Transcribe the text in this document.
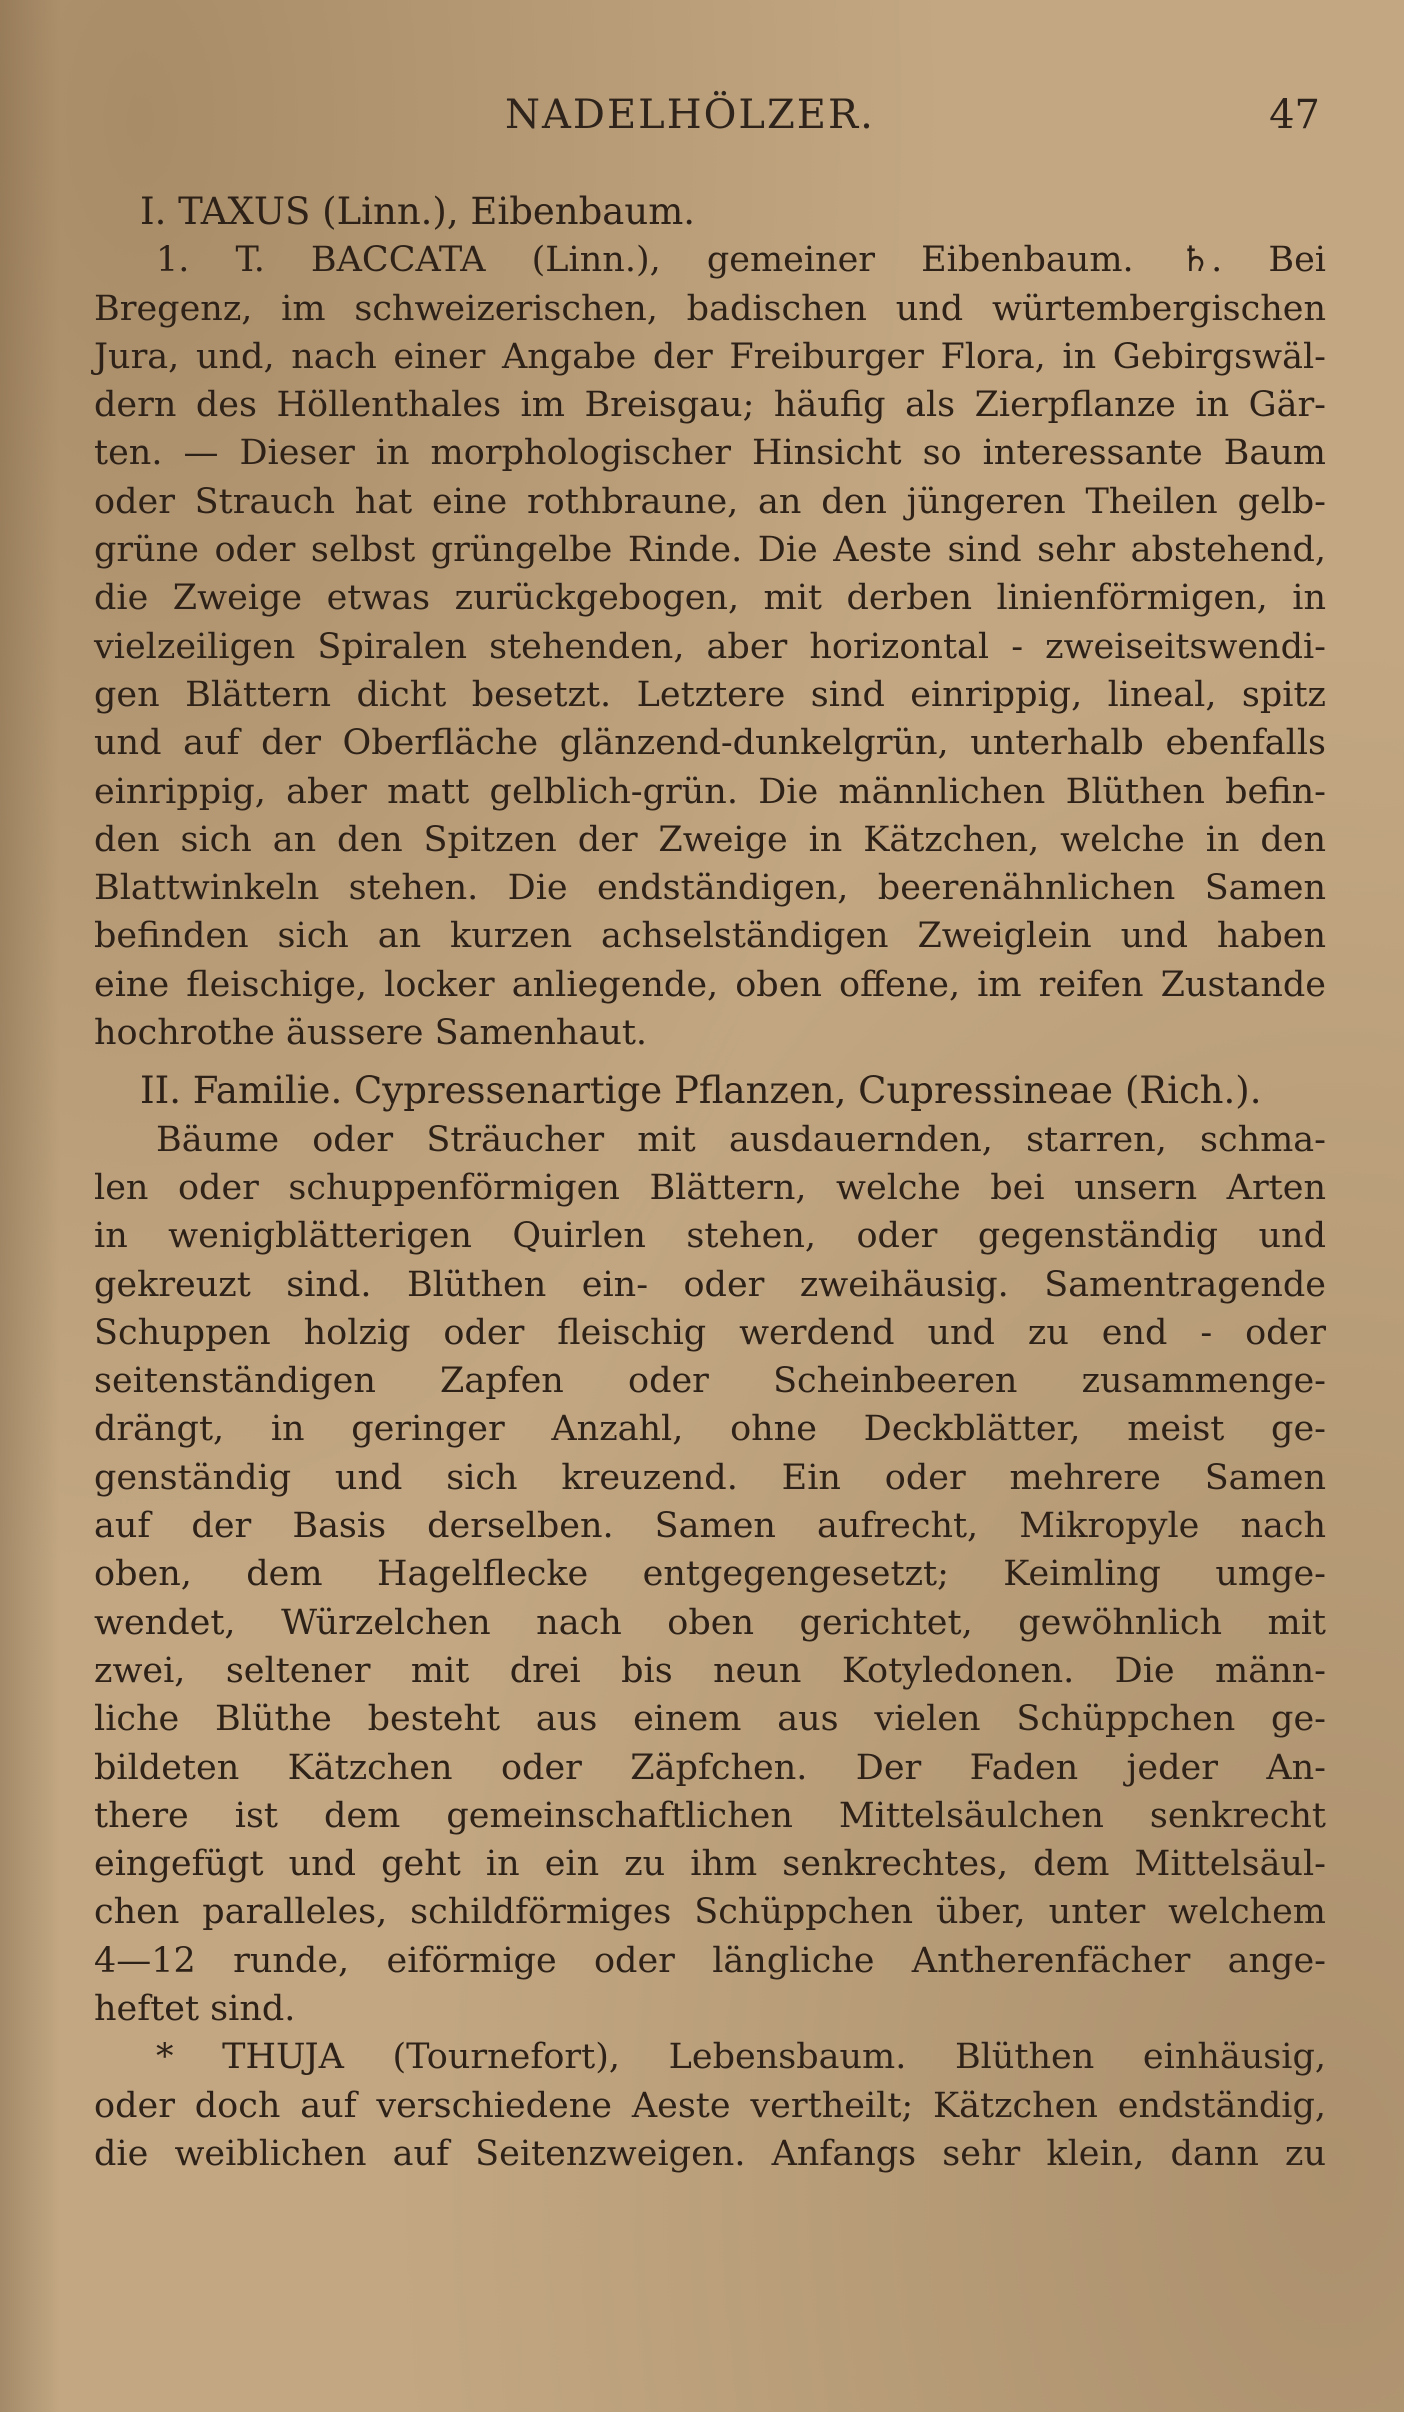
NADELHÖLZER.	47
I. TAXUS (Linn.), Eibenbaum.
1. T. BACCATA (Linn.), gemeiner Eibenbaum. ♄. Bei
Bregenz, im schweizerischen, badischen und würtembergischen
Jura, und, nach einer Angabe der Freiburger Flora, in Gebirgswäl-
dern des Höllenthales im Breisgau; häufig als Zierpflanze in Gär-
ten. — Dieser in morphologischer Hinsicht so interessante Baum
oder Strauch hat eine rothbraune, an den jüngeren Theilen gelb-
grüne oder selbst grüngelbe Rinde. Die Aeste sind sehr abstehend,
die Zweige etwas zurückgebogen, mit derben linienförmigen, in
vielzeiligen Spiralen stehenden, aber horizontal - zweiseitswendi-
gen Blättern dicht besetzt. Letztere sind einrippig, lineal, spitz
und auf der Oberfläche glänzend-dunkelgrün, unterhalb ebenfalls
einrippig, aber matt gelblich-grün. Die männlichen Blüthen befin-
den sich an den Spitzen der Zweige in Kätzchen, welche in den
Blattwinkeln stehen. Die endständigen, beerenähnlichen Samen
befinden sich an kurzen achselständigen Zweiglein und haben
eine fleischige, locker anliegende, oben offene, im reifen Zustande
hochrothe äussere Samenhaut.
II. Familie. Cypressenartige Pflanzen, Cupressineae (Rich.).
Bäume oder Sträucher mit ausdauernden, starren, schma-
len oder schuppenförmigen Blättern, welche bei unsern Arten
in wenigblätterigen Quirlen stehen, oder gegenständig und
gekreuzt sind. Blüthen ein- oder zweihäusig. Samentragende
Schuppen holzig oder fleischig werdend und zu end - oder
seitenständigen Zapfen oder Scheinbeeren zusammenge-
drängt, in geringer Anzahl, ohne Deckblätter, meist ge-
genständig und sich kreuzend. Ein oder mehrere Samen
auf der Basis derselben. Samen aufrecht, Mikropyle nach
oben, dem Hagelflecke entgegengesetzt; Keimling umge-
wendet, Würzelchen nach oben gerichtet, gewöhnlich mit
zwei, seltener mit drei bis neun Kotyledonen. Die männ-
liche Blüthe besteht aus einem aus vielen Schüppchen ge-
bildeten Kätzchen oder Zäpfchen. Der Faden jeder An-
there ist dem gemeinschaftlichen Mittelsäulchen senkrecht
eingefügt und geht in ein zu ihm senkrechtes, dem Mittelsäul-
chen paralleles, schildförmiges Schüppchen über, unter welchem
4—12 runde, eiförmige oder längliche Antherenfächer ange-
heftet sind.
* THUJA (Tournefort), Lebensbaum. Blüthen einhäusig,
oder doch auf verschiedene Aeste vertheilt; Kätzchen endständig,
die weiblichen auf Seitenzweigen. Anfangs sehr klein, dann zu
